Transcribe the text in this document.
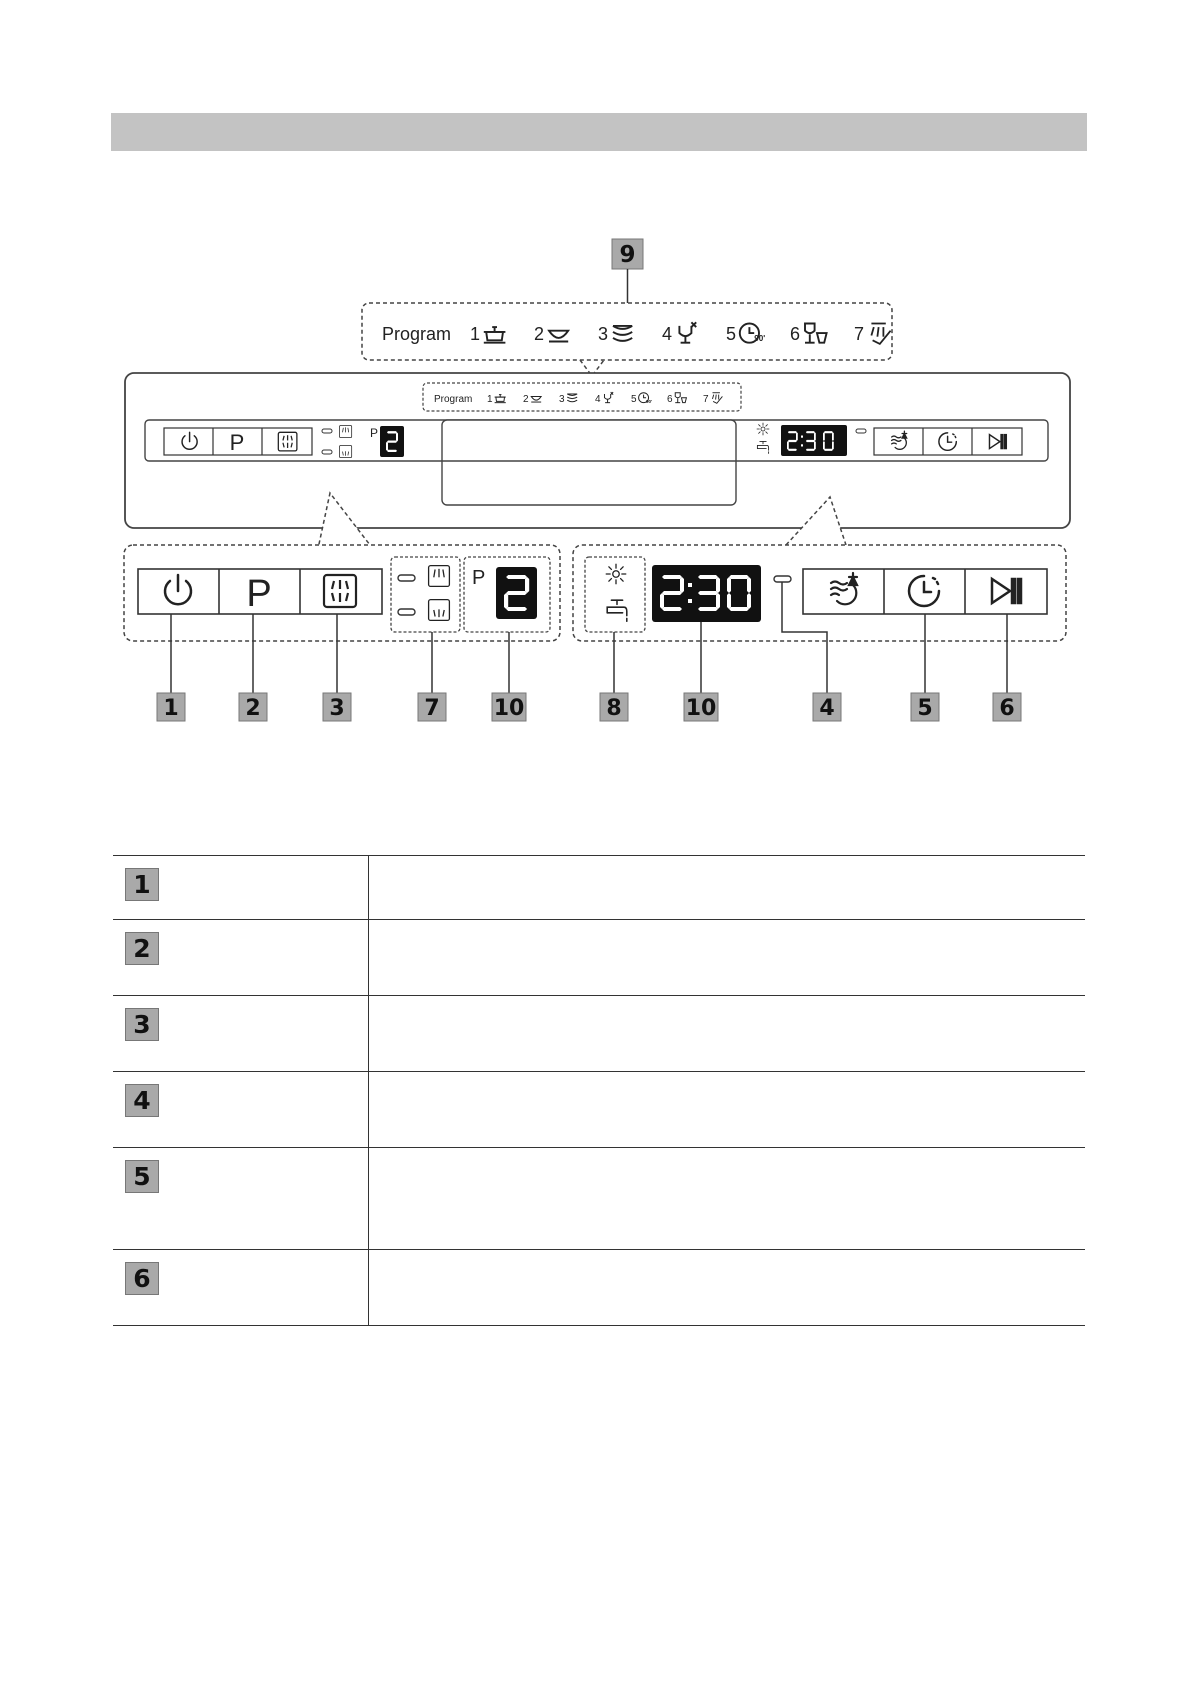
9
Program 1	2	3	4	5 90' 6	7
Program 1	2	3	4	5 90' 6	7
P	P
P	P
1	2	3	7 10	8	10	4	5	6
1	
2	
3	
4	
5	
6	
